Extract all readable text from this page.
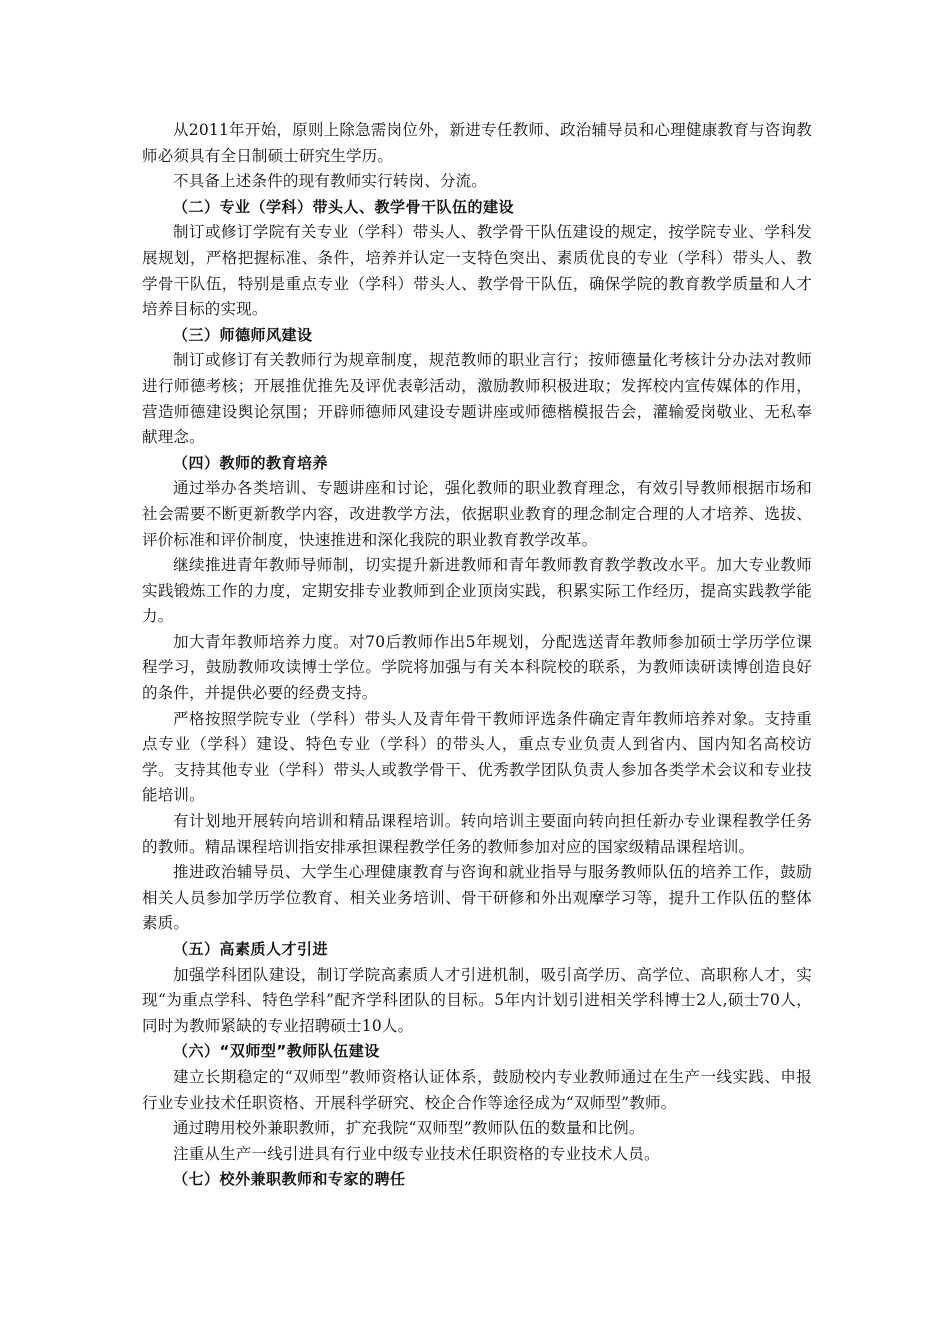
从2011年开始，原则上除急需岗位外，新进专任教师、政治辅导员和心理健康教育与咨询教师必须具有全日制硕士研究生学历。

不具备上述条件的现有教师实行转岗、分流。

（二）专业（学科）带头人、教学骨干队伍的建设

制订或修订学院有关专业（学科）带头人、教学骨干队伍建设的规定，按学院专业、学科发展规划，严格把握标准、条件，培养并认定一支特色突出、素质优良的专业（学科）带头人、教学骨干队伍，特别是重点专业（学科）带头人、教学骨干队伍，确保学院的教育教学质量和人才培养目标的实现。

（三）师德师风建设

制订或修订有关教师行为规章制度，规范教师的职业言行；按师德量化考核计分办法对教师进行师德考核；开展推优推先及评优表彰活动，激励教师积极进取；发挥校内宣传媒体的作用，营造师德建设舆论氛围；开辟师德师风建设专题讲座或师德楷模报告会，灌输爱岗敬业、无私奉献理念。

（四）教师的教育培养

通过举办各类培训、专题讲座和讨论，强化教师的职业教育理念，有效引导教师根据市场和社会需要不断更新教学内容，改进教学方法，依据职业教育的理念制定合理的人才培养、选拔、评价标准和评价制度，快速推进和深化我院的职业教育教学改革。

继续推进青年教师导师制，切实提升新进教师和青年教师教育教学教改水平。加大专业教师实践锻炼工作的力度，定期安排专业教师到企业顶岗实践，积累实际工作经历，提高实践教学能力。

加大青年教师培养力度。对70后教师作出5年规划，分配选送青年教师参加硕士学历学位课程学习，鼓励教师攻读博士学位。学院将加强与有关本科院校的联系，为教师读研读博创造良好的条件，并提供必要的经费支持。

严格按照学院专业（学科）带头人及青年骨干教师评选条件确定青年教师培养对象。支持重点专业（学科）建设、特色专业（学科）的带头人，重点专业负责人到省内、国内知名高校访学。支持其他专业（学科）带头人或教学骨干、优秀教学团队负责人参加各类学术会议和专业技能培训。

有计划地开展转向培训和精品课程培训。转向培训主要面向转向担任新办专业课程教学任务的教师。精品课程培训指安排承担课程教学任务的教师参加对应的国家级精品课程培训。

推进政治辅导员、大学生心理健康教育与咨询和就业指导与服务教师队伍的培养工作，鼓励相关人员参加学历学位教育、相关业务培训、骨干研修和外出观摩学习等，提升工作队伍的整体素质。

（五）高素质人才引进

加强学科团队建设，制订学院高素质人才引进机制，吸引高学历、高学位、高职称人才，实现“为重点学科、特色学科”配齐学科团队的目标。5年内计划引进相关学科博士2人,硕士70人，同时为教师紧缺的专业招聘硕士10人。

（六）“双师型”教师队伍建设

建立长期稳定的“双师型”教师资格认证体系，鼓励校内专业教师通过在生产一线实践、申报行业专业技术任职资格、开展科学研究、校企合作等途径成为“双师型”教师。

通过聘用校外兼职教师，扩充我院“双师型”教师队伍的数量和比例。

注重从生产一线引进具有行业中级专业技术任职资格的专业技术人员。

（七）校外兼职教师和专家的聘任
